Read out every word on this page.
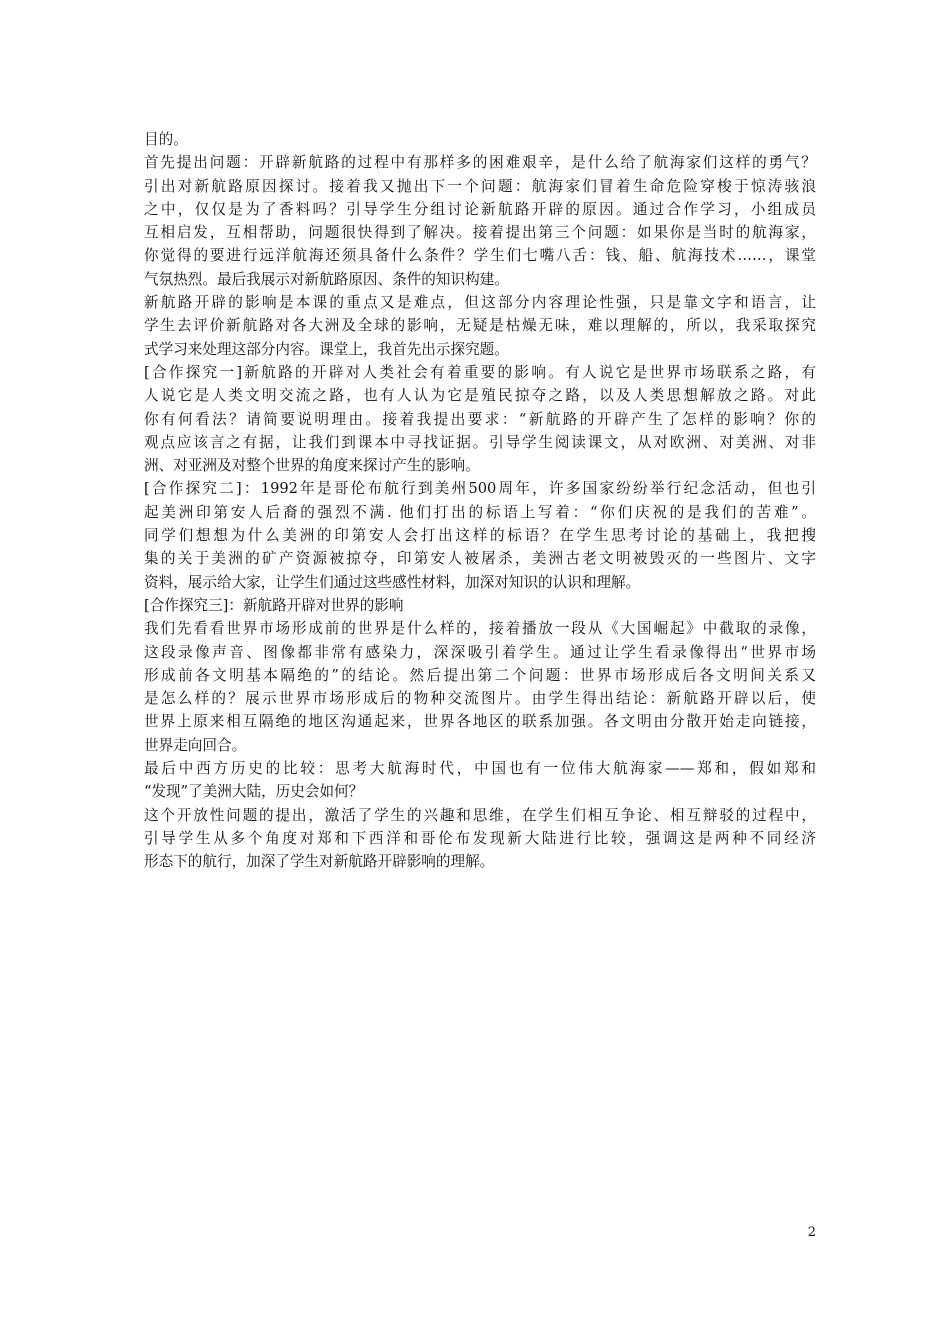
目的。
首先提出问题：开辟新航路的过程中有那样多的困难艰辛，是什么给了航海家们这样的勇气？
引出对新航路原因探讨。接着我又抛出下一个问题：航海家们冒着生命危险穿梭于惊涛骇浪
之中，仅仅是为了香料吗？引导学生分组讨论新航路开辟的原因。通过合作学习，小组成员
互相启发，互相帮助，问题很快得到了解决。接着提出第三个问题：如果你是当时的航海家，
你觉得的要进行远洋航海还须具备什么条件？学生们七嘴八舌：钱、船、航海技术……，课堂
气氛热烈。最后我展示对新航路原因、条件的知识构建。
新航路开辟的影响是本课的重点又是难点，但这部分内容理论性强，只是靠文字和语言，让
学生去评价新航路对各大洲及全球的影响，无疑是枯燥无味，难以理解的，所以，我采取探究
式学习来处理这部分内容。课堂上，我首先出示探究题。
[合作探究一]新航路的开辟对人类社会有着重要的影响。有人说它是世界市场联系之路，有
人说它是人类文明交流之路，也有人认为它是殖民掠夺之路，以及人类思想解放之路。对此
你有何看法？请简要说明理由。接着我提出要求：“新航路的开辟产生了怎样的影响？你的
观点应该言之有据，让我们到课本中寻找证据。引导学生阅读课文，从对欧洲、对美洲、对非
洲、对亚洲及对整个世界的角度来探讨产生的影响。
[合作探究二]：1992年是哥伦布航行到美州500周年，许多国家纷纷举行纪念活动，但也引
起美洲印第安人后裔的强烈不满. 他们打出的标语上写着：“你们庆祝的是我们的苦难”。
同学们想想为什么美洲的印第安人会打出这样的标语？在学生思考讨论的基础上，我把搜
集的关于美洲的矿产资源被掠夺，印第安人被屠杀，美洲古老文明被毁灭的一些图片、文字
资料，展示给大家，让学生们通过这些感性材料，加深对知识的认识和理解。
[合作探究三]：新航路开辟对世界的影响
我们先看看世界市场形成前的世界是什么样的，接着播放一段从《大国崛起》中截取的录像，
这段录像声音、图像都非常有感染力，深深吸引着学生。通过让学生看录像得出“世界市场
形成前各文明基本隔绝的”的结论。然后提出第二个问题：世界市场形成后各文明间关系又
是怎么样的？展示世界市场形成后的物种交流图片。由学生得出结论：新航路开辟以后，使
世界上原来相互隔绝的地区沟通起来，世界各地区的联系加强。各文明由分散开始走向链接，
世界走向回合。
最后中西方历史的比较：思考大航海时代，中国也有一位伟大航海家——郑和，假如郑和
“发现”了美洲大陆，历史会如何？
这个开放性问题的提出，激活了学生的兴趣和思维，在学生们相互争论、相互辩驳的过程中，
引导学生从多个角度对郑和下西洋和哥伦布发现新大陆进行比较，强调这是两种不同经济
形态下的航行，加深了学生对新航路开辟影响的理解。
2
